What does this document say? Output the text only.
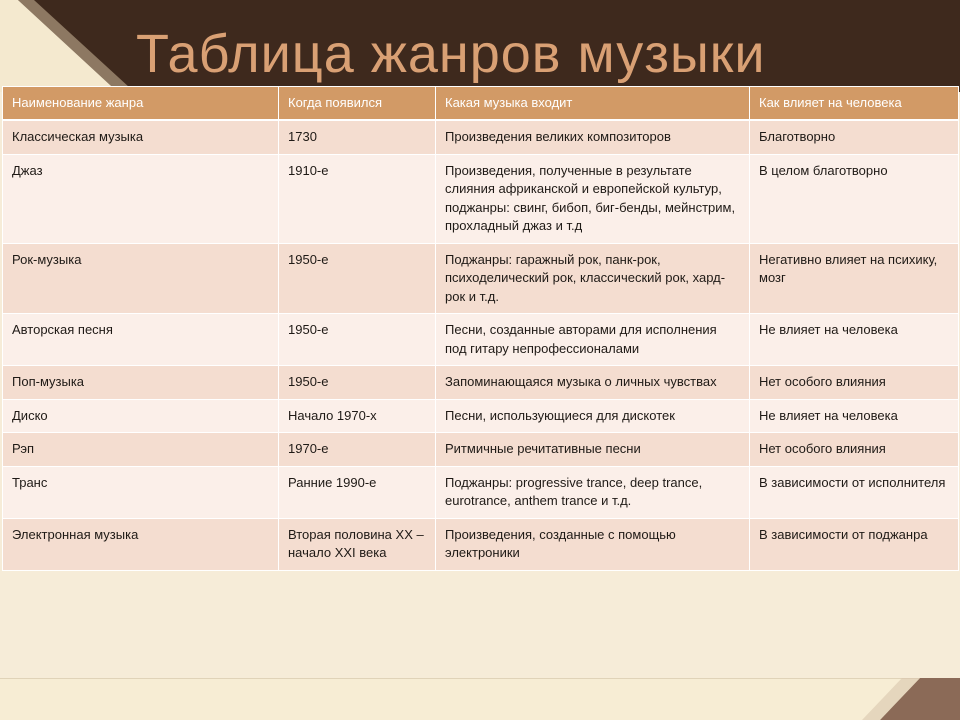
Таблица жанров музыки
Наименование жанра	Когда появился	Какая музыка входит	Как влияет на человека
Классическая музыка	1730	Произведения великих композиторов	Благотворно
Джаз	1910-е	Произведения, полученные в результате слияния африканской и европейской культур, поджанры: свинг, бибоп, биг-бенды, мейнстрим, прохладный джаз и т.д	В целом благотворно
Рок-музыка	1950-е	Поджанры: гаражный рок, панк-рок, психоделический рок, классический рок, хард-рок и т.д.	Негативно влияет на психику, мозг
Авторская песня	1950-е	Песни, созданные авторами для исполнения под гитару непрофессионалами	Не влияет на человека
Поп-музыка	1950-е	Запоминающаяся музыка о личных чувствах	Нет особого влияния
Диско	Начало 1970-х	Песни, использующиеся для дискотек	Не влияет на человека
Рэп	1970-е	Ритмичные речитативные песни	Нет особого влияния
Транс	Ранние 1990-е	Поджанры: progressive trance, deep trance, eurotrance, anthem trance и т.д.	В зависимости от исполнителя
Электронная музыка	Вторая половина XX – начало XXI века	Произведения, созданные с помощью электроники	В зависимости от поджанра
